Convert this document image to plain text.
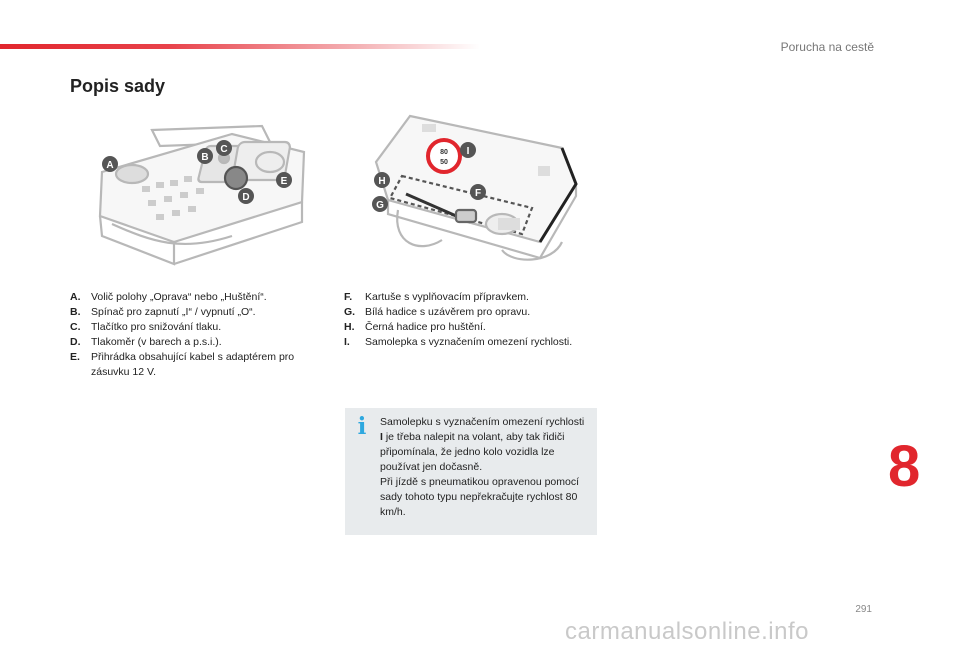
Porucha na cestě
Popis sady
A
B
C
D
E
80
50
I
H
F
G
A.	Volič polohy „Oprava“ nebo „Huštění“.
B.	Spínač pro zapnutí „I“ / vypnutí „O“.
C.	Tlačítko pro snižování tlaku.
D.	Tlakoměr (v barech a p.s.i.).
E.	Přihrádka obsahující kabel s adaptérem pro zásuvku 12 V.
F.	Kartuše s vyplňovacím přípravkem.
G. Bílá hadice s uzávěrem pro opravu.
H.	Černá hadice pro huštění.
I.	Samolepka s vyznačením omezení rychlosti.
i Samolepku s vyznačením omezení rychlosti I je třeba nalepit na volant, aby tak řidiči připomínala, že jedno kolo vozidla lze používat jen dočasně.
Při jízdě s pneumatikou opravenou pomocí sady tohoto typu nepřekračujte rychlost 80 km/h.
8
291
carmanualsonline.info
